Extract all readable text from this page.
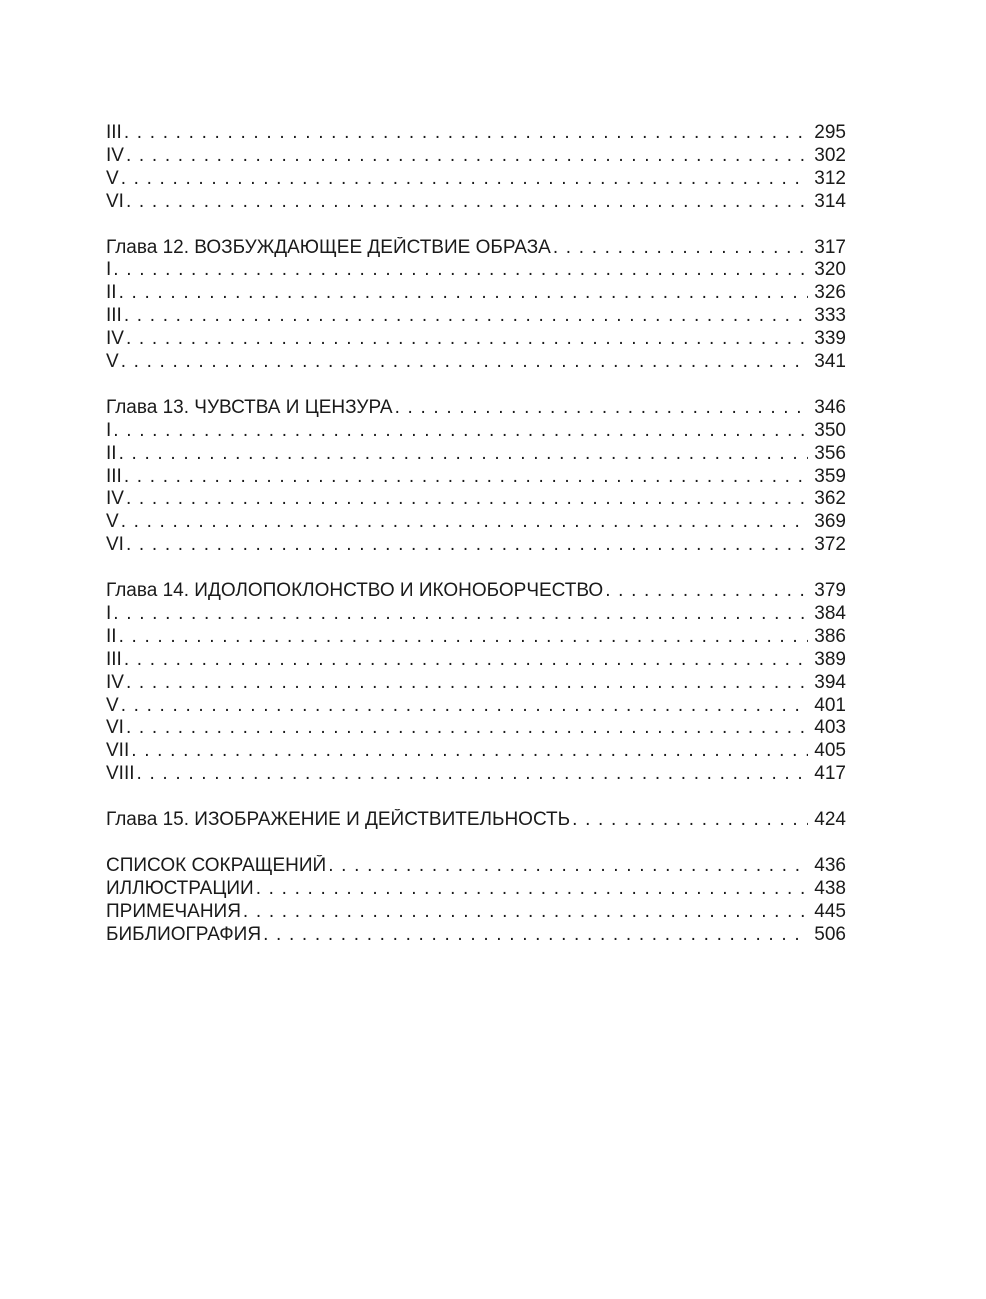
III . . .	295
IV . . .	302
V . . .	312
VI . . .	314
Глава 12. ВОЗБУЖДАЮЩЕЕ ДЕЙСТВИЕ ОБРАЗА . . .	317
I . . .	320
II . . .	326
III . . .	333
IV . . .	339
V . . .	341
Глава 13. ЧУВСТВА И ЦЕНЗУРА . . .	346
I . . .	350
II . . .	356
III . . .	359
IV . . .	362
V . . .	369
VI . . .	372
Глава 14. ИДОЛОПОКЛОНСТВО И ИКОНОБОРЧЕСТВО . . .	379
I . . .	384
II . . .	386
III . . .	389
IV . . .	394
V . . .	401
VI . . .	403
VII . . .	405
VIII . . .	417
Глава 15. ИЗОБРАЖЕНИЕ И ДЕЙСТВИТЕЛЬНОСТЬ . . .	424
СПИСОК СОКРАЩЕНИЙ . . .	436
ИЛЛЮСТРАЦИИ . . .	438
ПРИМЕЧАНИЯ . . .	445
БИБЛИОГРАФИЯ . . .	506
